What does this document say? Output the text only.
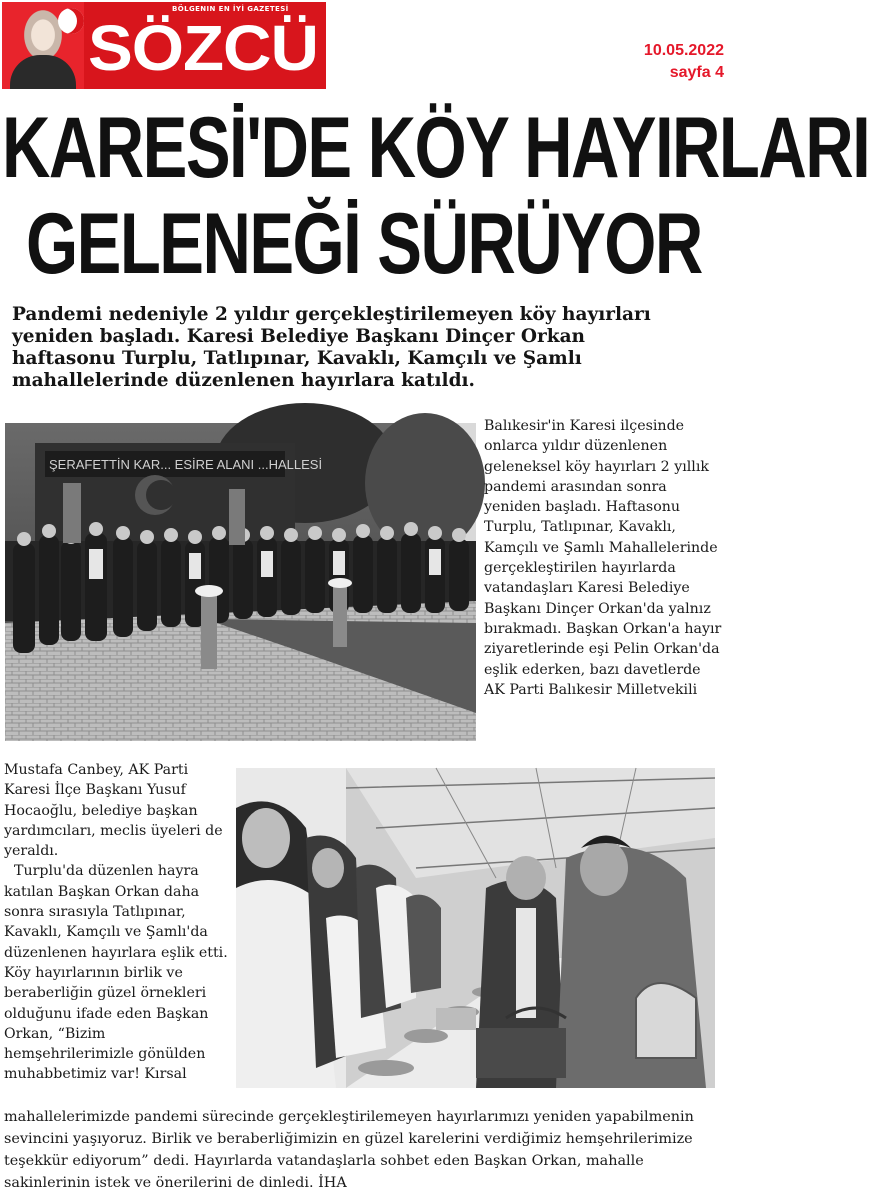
BÖLGENIN EN İYİ GAZETESİ
SÖZCÜ	10.05.2022
sayfa 4
KARESİ'DE KÖY HAYIRLARI
GELENEĞİ SÜRÜYOR

Pandemi nedeniyle 2 yıldır gerçekleştirilemeyen köy hayırları yeniden başladı. Karesi Belediye Başkanı Dinçer Orkan haftasonu Turplu, Tatlıpınar, Kavaklı, Kamçılı ve Şamlı mahallelerinde düzenlenen hayırlara katıldı.

ŞERAFETTİN KAR... ESİRE ALANI ...HALLESİ

Balıkesir'in Karesi ilçesinde onlarca yıldır düzenlenen geleneksel köy hayırları 2 yıllık pandemi arasından sonra yeniden başladı. Haftasonu Turplu, Tatlıpınar, Kavaklı, Kamçılı ve Şamlı Mahallelerinde gerçekleştirilen hayırlarda vatandaşları Karesi Belediye Başkanı Dinçer Orkan'da yalnız bırakmadı. Başkan Orkan'a hayır ziyaretlerinde eşi Pelin Orkan'da eşlik ederken, bazı davetlerde AK Parti Balıkesir Milletvekili

Mustafa Canbey, AK Parti Karesi İlçe Başkanı Yusuf Hocaoğlu, belediye başkan yardımcıları, meclis üyeleri de yeraldı.

Turplu'da düzenlen hayra katılan Başkan Orkan daha sonra sırasıyla Tatlıpınar, Kavaklı, Kamçılı ve Şamlı'da düzenlenen hayırlara eşlik etti. Köy hayırlarının birlik ve beraberliğin güzel örnekleri olduğunu ifade eden Başkan Orkan, “Bizim hemşehrilerimizle gönülden muhabbetimiz var! Kırsal

mahallelerimizde pandemi sürecinde gerçekleştirilemeyen hayırlarımızı yeniden yapabilmenin sevincini yaşıyoruz. Birlik ve beraberliğimizin en güzel karelerini verdiğimiz hemşehrilerimize teşekkür ediyorum” dedi. Hayırlarda vatandaşlarla sohbet eden Başkan Orkan, mahalle sakinlerinin istek ve önerilerini de dinledi. İHA
